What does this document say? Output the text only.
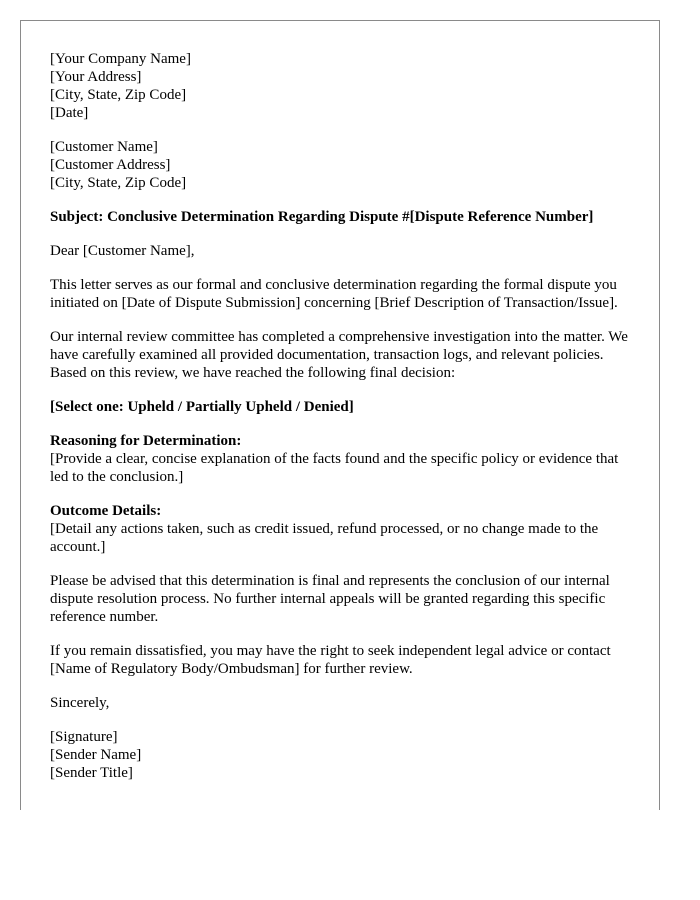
[Your Company Name]
[Your Address]
[City, State, Zip Code]
[Date]
[Customer Name]
[Customer Address]
[City, State, Zip Code]

Subject: Conclusive Determination Regarding Dispute #[Dispute Reference Number]

Dear [Customer Name],

This letter serves as our formal and conclusive determination regarding the formal dispute you initiated on [Date of Dispute Submission] concerning [Brief Description of Transaction/Issue].

Our internal review committee has completed a comprehensive investigation into the matter. We have carefully examined all provided documentation, transaction logs, and relevant policies. Based on this review, we have reached the following final decision:

[Select one: Upheld / Partially Upheld / Denied]

Reasoning for Determination:
[Provide a clear, concise explanation of the facts found and the specific policy or evidence that led to the conclusion.]
Outcome Details:
[Detail any actions taken, such as credit issued, refund processed, or no change made to the account.]

Please be advised that this determination is final and represents the conclusion of our internal dispute resolution process. No further internal appeals will be granted regarding this specific reference number.

If you remain dissatisfied, you may have the right to seek independent legal advice or contact [Name of Regulatory Body/Ombudsman] for further review.

Sincerely,

[Signature]
[Sender Name]
[Sender Title]
